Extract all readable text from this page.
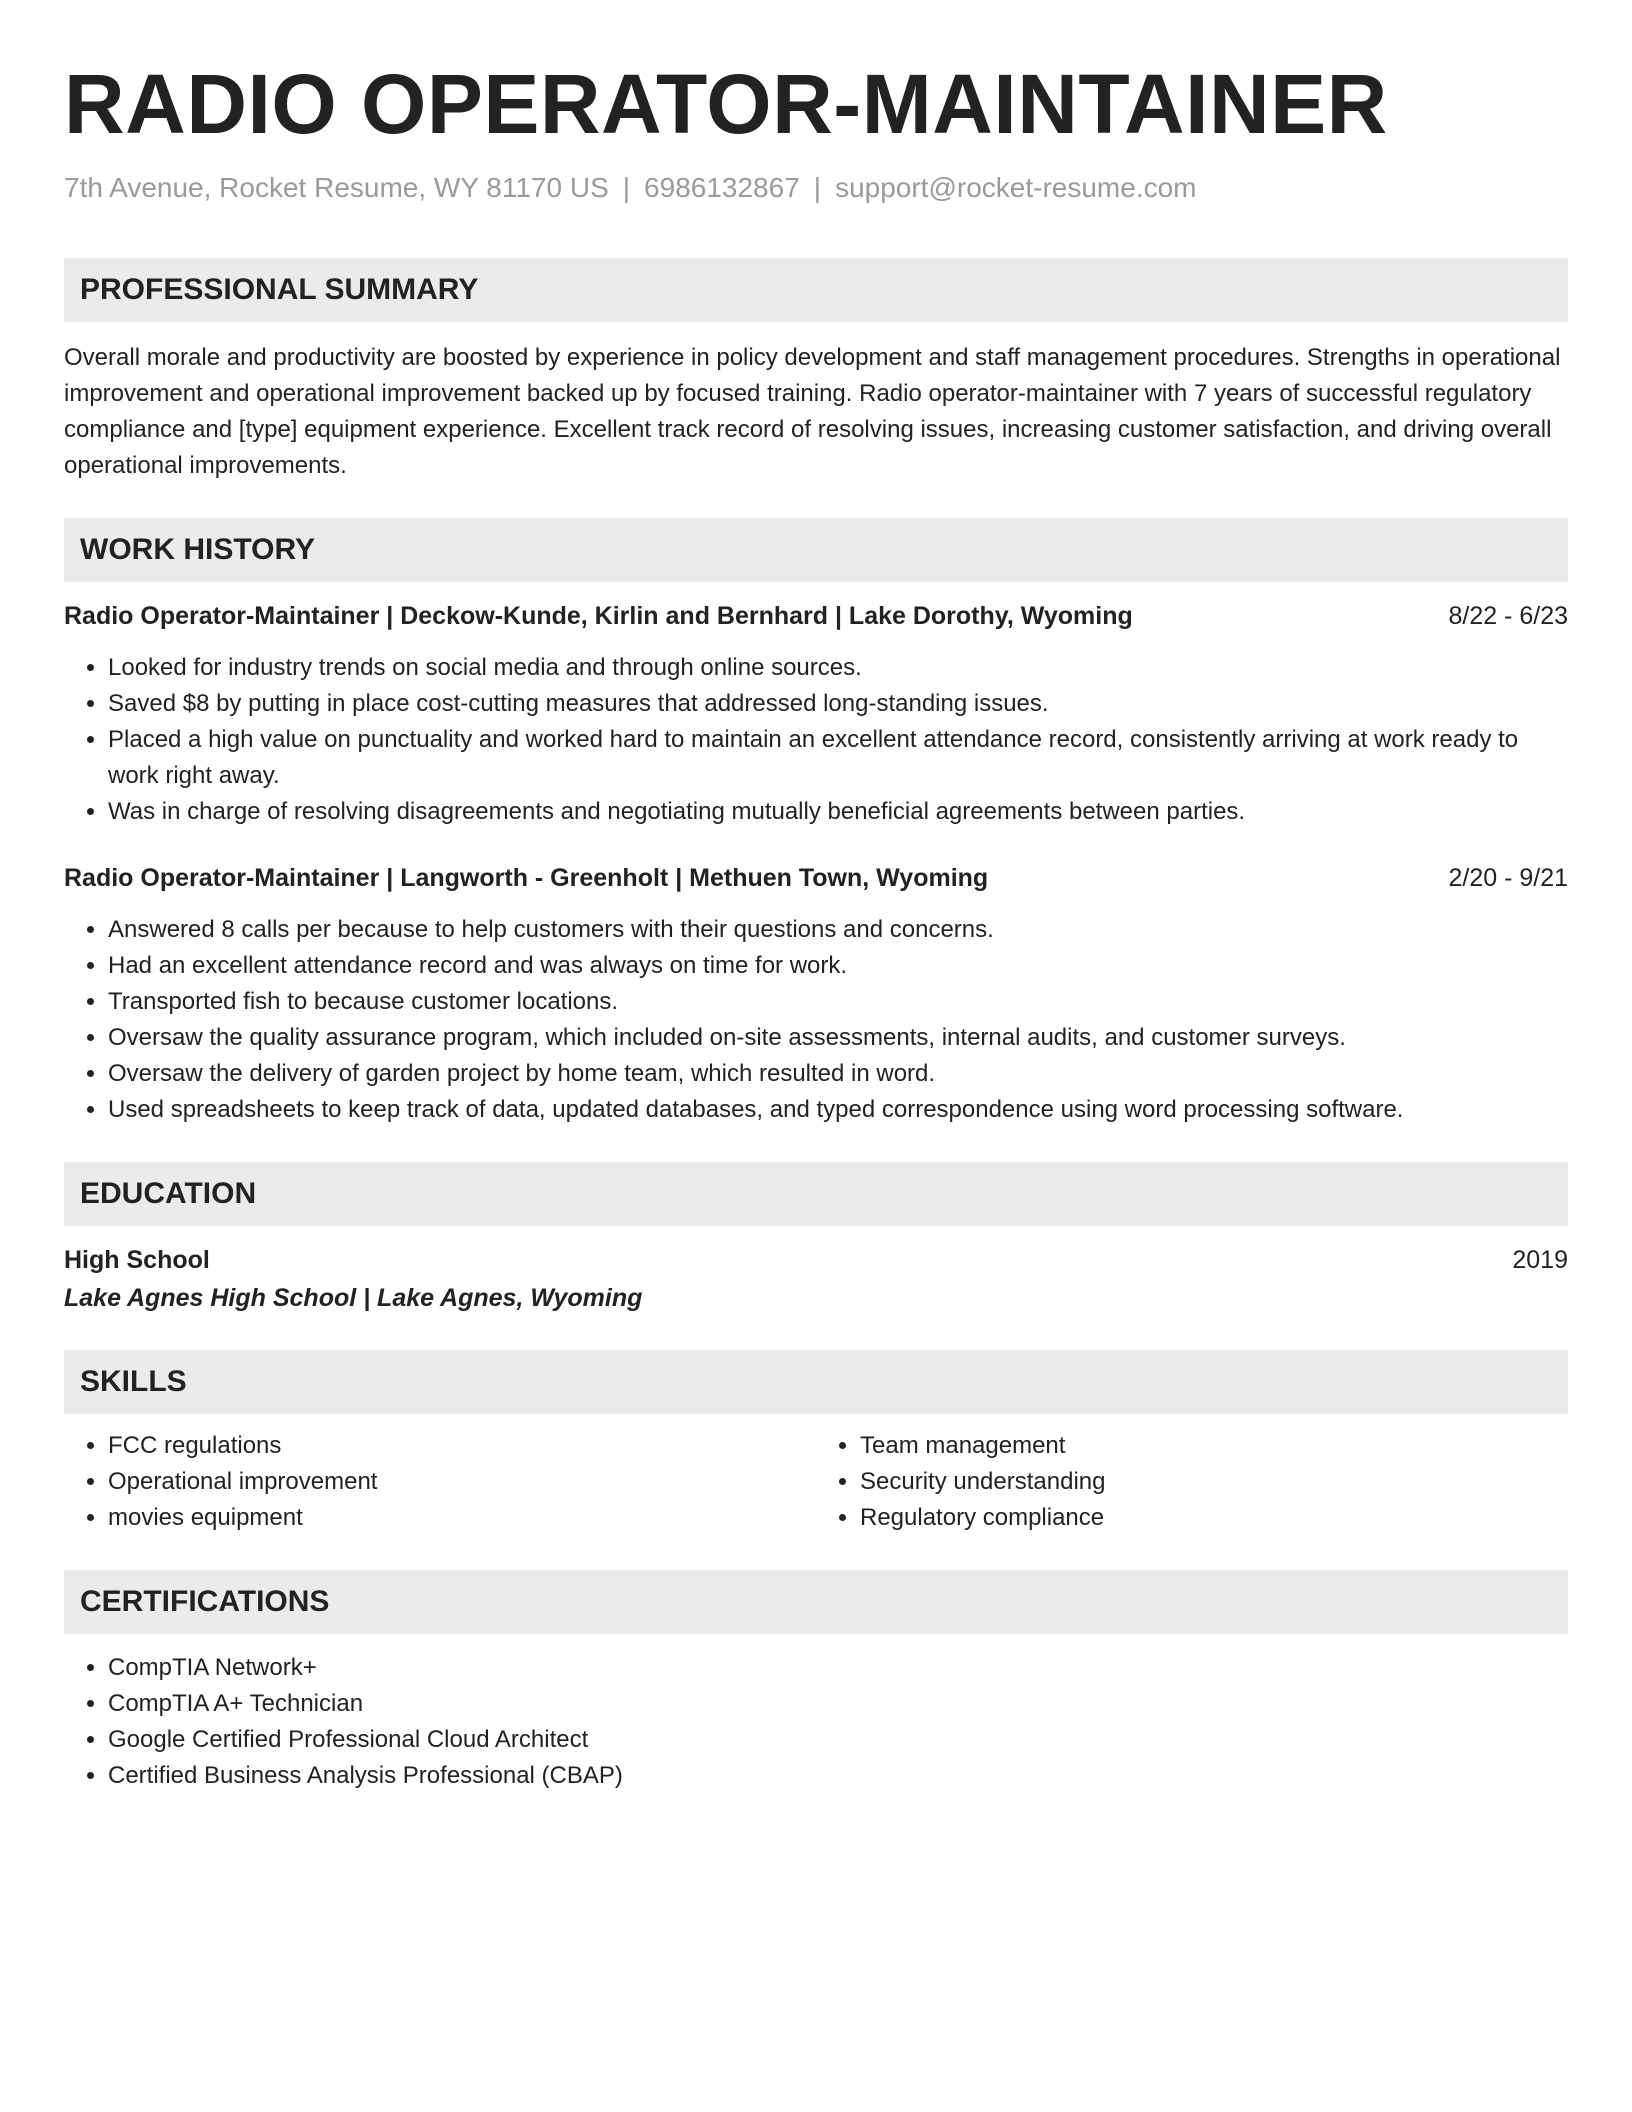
RADIO OPERATOR-MAINTAINER
7th Avenue, Rocket Resume, WY 81170 US | 6986132867 | support@rocket-resume.com
PROFESSIONAL SUMMARY
Overall morale and productivity are boosted by experience in policy development and staff management procedures. Strengths in operational improvement and operational improvement backed up by focused training. Radio operator-maintainer with 7 years of successful regulatory compliance and [type] equipment experience. Excellent track record of resolving issues, increasing customer satisfaction, and driving overall operational improvements.
WORK HISTORY
Radio Operator-Maintainer | Deckow-Kunde, Kirlin and Bernhard | Lake Dorothy, Wyoming	8/22 - 6/23
• Looked for industry trends on social media and through online sources.
• Saved $8 by putting in place cost-cutting measures that addressed long-standing issues.
• Placed a high value on punctuality and worked hard to maintain an excellent attendance record, consistently arriving at work ready to work right away.
• Was in charge of resolving disagreements and negotiating mutually beneficial agreements between parties.
Radio Operator-Maintainer | Langworth - Greenholt | Methuen Town, Wyoming	2/20 - 9/21
• Answered 8 calls per because to help customers with their questions and concerns.
• Had an excellent attendance record and was always on time for work.
• Transported fish to because customer locations.
• Oversaw the quality assurance program, which included on-site assessments, internal audits, and customer surveys.
• Oversaw the delivery of garden project by home team, which resulted in word.
• Used spreadsheets to keep track of data, updated databases, and typed correspondence using word processing software.
EDUCATION
High School	2019
Lake Agnes High School | Lake Agnes, Wyoming
SKILLS
• FCC regulations
• Operational improvement
• movies equipment
• Team management
• Security understanding
• Regulatory compliance
CERTIFICATIONS
• CompTIA Network+
• CompTIA A+ Technician
• Google Certified Professional Cloud Architect
• Certified Business Analysis Professional (CBAP)
